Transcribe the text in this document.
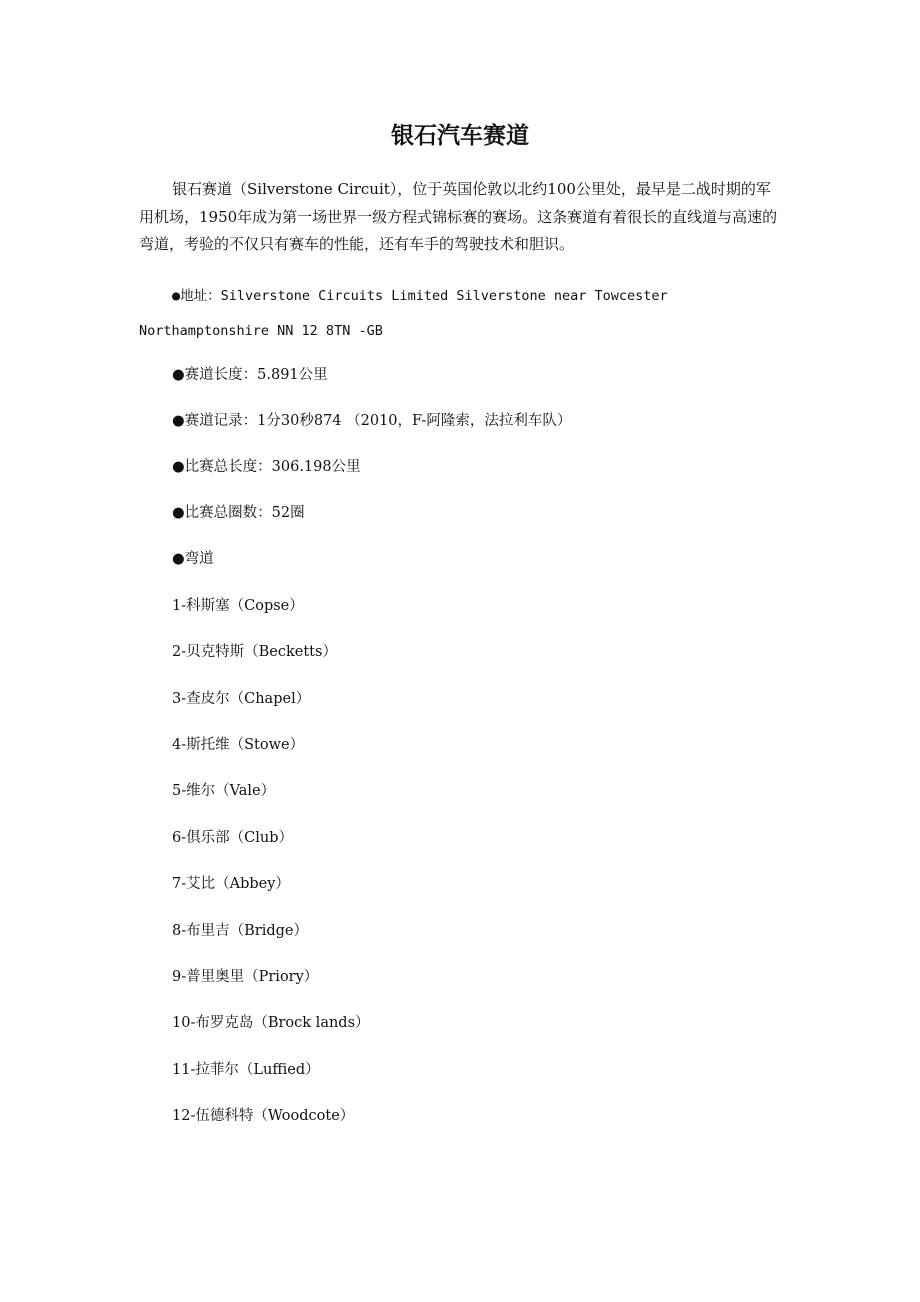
银石汽车赛道

银石赛道（Silverstone Circuit），位于英国伦敦以北约100公里处，最早是二战时期的军用机场，1950年成为第一场世界一级方程式锦标赛的赛场。这条赛道有着很长的直线道与高速的弯道，考验的不仅只有赛车的性能，还有车手的驾驶技术和胆识。

●地址：Silverstone Circuits Limited Silverstone near Towcester

Northamptonshire NN 12 8TN -GB

●赛道长度：5.891公里

●赛道记录：1分30秒874 （2010，F-阿隆索，法拉利车队）

●比赛总长度：306.198公里

●比赛总圈数：52圈

●弯道

1-科斯塞（Copse）

2-贝克特斯（Becketts）

3-查皮尔（Chapel）

4-斯托维（Stowe）

5-维尔（Vale）

6-俱乐部（Club）

7-艾比（Abbey）

8-布里吉（Bridge）

9-普里奥里（Priory）

10-布罗克岛（Brock lands）

11-拉菲尔（Luffied）

12-伍德科特（Woodcote）
